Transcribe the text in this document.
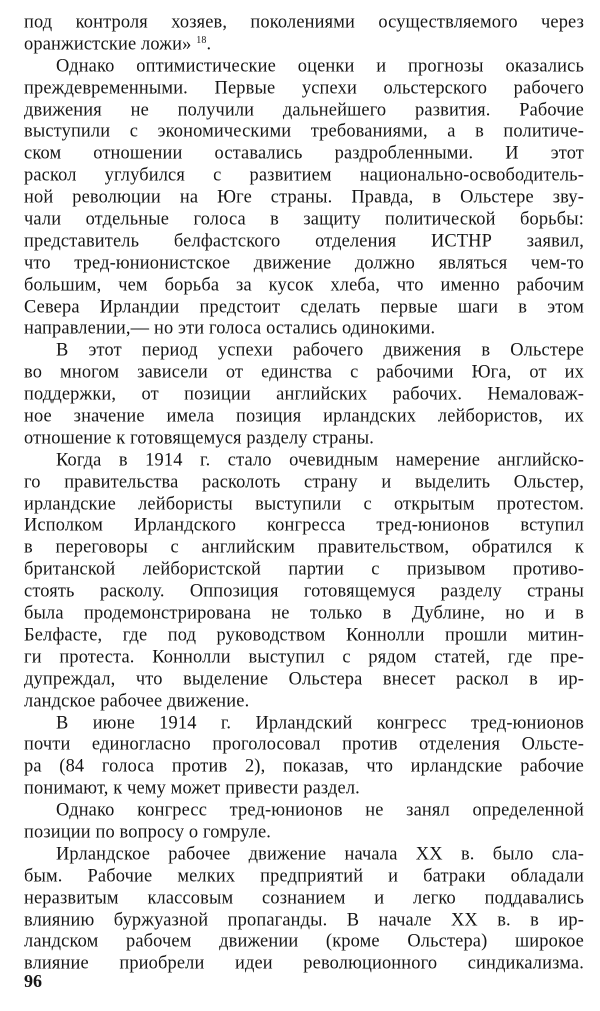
под контроля хозяев, поколениями осуществляемого через
оранжистские ложи» $^{18}$.
Однако оптимистические оценки и прогнозы оказались
преждевременными. Первые успехи ольстерского рабочего
движения не получили дальнейшего развития. Рабочие
выступили с экономическими требованиями, а в политиче-
ском отношении оставались раздробленными. И этот
раскол углубился с развитием национально-освободитель-
ной революции на Юге страны. Правда, в Ольстере зву-
чали отдельные голоса в защиту политической борьбы:
представитель белфастского отделения ИСТНР заявил,
что тред-юнионистское движение должно являться чем-то
большим, чем борьба за кусок хлеба, что именно рабочим
Севера Ирландии предстоит сделать первые шаги в этом
направлении,— но эти голоса остались одинокими.
В этот период успехи рабочего движения в Ольстере
во многом зависели от единства с рабочими Юга, от их
поддержки, от позиции английских рабочих. Немаловаж-
ное значение имела позиция ирландских лейбористов, их
отношение к готовящемуся разделу страны.
Когда в 1914 г. стало очевидным намерение английско-
го правительства расколоть страну и выделить Ольстер,
ирландские лейбористы выступили с открытым протестом.
Исполком Ирландского конгресса тред-юнионов вступил
в переговоры с английским правительством, обратился к
британской лейбористской партии с призывом противо-
стоять расколу. Оппозиция готовящемуся разделу страны
была продемонстрирована не только в Дублине, но и в
Белфасте, где под руководством Коннолли прошли митин-
ги протеста. Коннолли выступил с рядом статей, где пре-
дупреждал, что выделение Ольстера внесет раскол в ир-
ландское рабочее движение.
В июне 1914 г. Ирландский конгресс тред-юнионов
почти единогласно проголосовал против отделения Ольсте-
ра (84 голоса против 2), показав, что ирландские рабочие
понимают, к чему может привести раздел.
Однако конгресс тред-юнионов не занял определенной
позиции по вопросу о гомруле.
Ирландское рабочее движение начала XX в. было сла-
бым. Рабочие мелких предприятий и батраки обладали
неразвитым классовым сознанием и легко поддавались
влиянию буржуазной пропаганды. В начале XX в. в ир-
ландском рабочем движении (кроме Ольстера) широкое
влияние приобрели идеи революционного синдикализма.
96
